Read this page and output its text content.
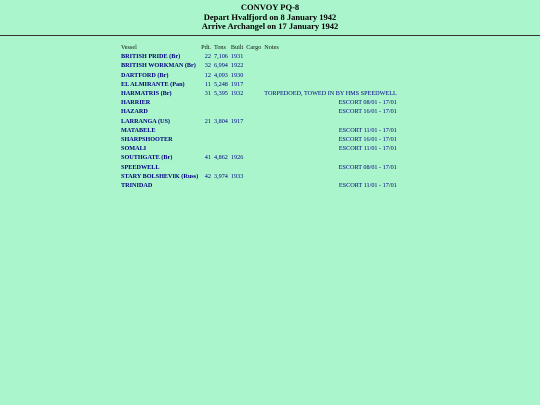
CONVOY PQ-8
Depart Hvalfjord on 8 January 1942
Arrive Archangel on 17 January 1942
Vessel	Pdt.	Tons	Built	Cargo	Notes
BRITISH PRIDE (Br)	22	7,106	1931		
BRITISH WORKMAN (Br)	32	6,994	1922		
DARTFORD (Br)	12	4,093	1930		
EL ALMIRANTE (Pan)	11	5,248	1917		
HARMATRIS (Br)	31	5,395	1932		TORPEDOED, TOWED IN BY HMS SPEEDWELL
HARRIER					ESCORT 08/01 - 17/01
HAZARD					ESCORT 16/01 - 17/01
LARRANGA (US)	21	3,804	1917		
MATABELE					ESCORT 11/01 - 17/01
SHARPSHOOTER					ESCORT 16/01 - 17/01
SOMALI					ESCORT 11/01 - 17/01
SOUTHGATE (Br)	41	4,862	1926		
SPEEDWELL					ESCORT 08/01 - 17/01
STARY BOLSHEVIK (Russ)	42	3,974	1933		
TRINIDAD					ESCORT 11/01 - 17/01
